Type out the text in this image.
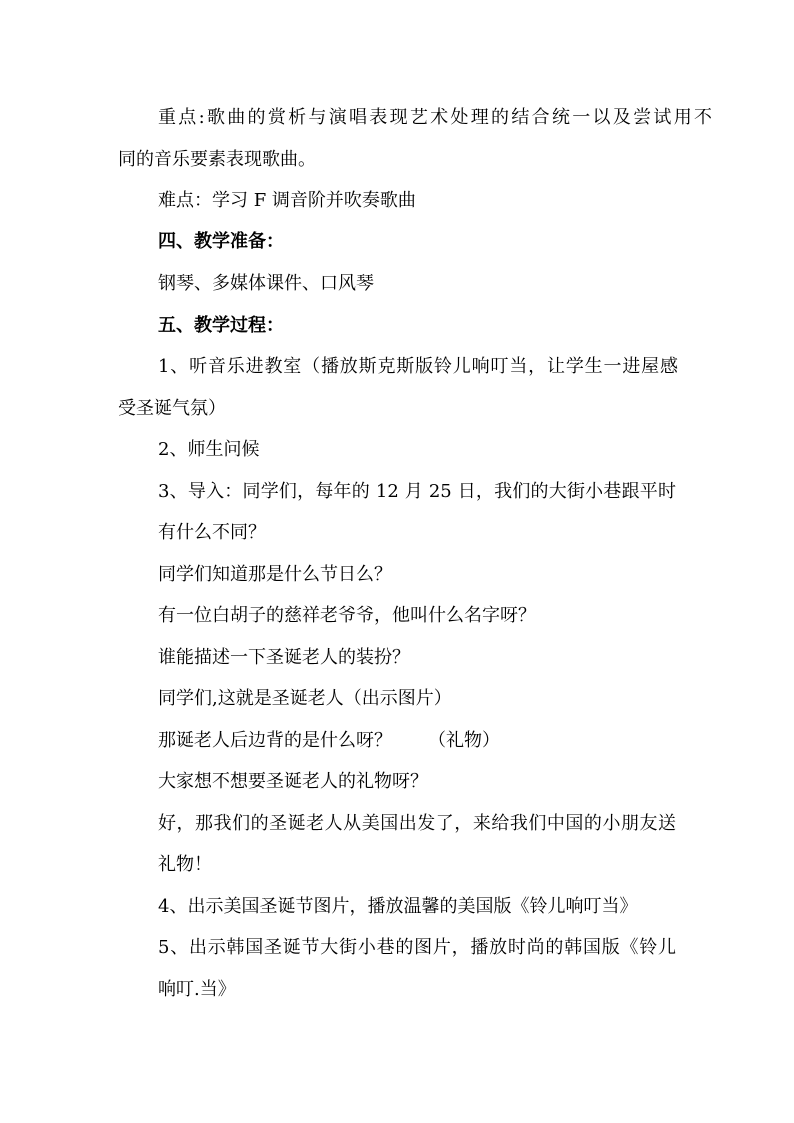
重点:歌曲的赏析与演唱表现艺术处理的结合统一以及尝试用不

同的音乐要素表现歌曲。

难点：学习 F 调音阶并吹奏歌曲

四、教学准备：

钢琴、多媒体课件、口风琴

五、教学过程：

1、听音乐进教室（播放斯克斯版铃儿响叮当，让学生一进屋感

受圣诞气氛）

2、师生问候

3、导入：同学们，每年的 12 月 25 日，我们的大街小巷跟平时

有什么不同？

同学们知道那是什么节日么？

有一位白胡子的慈祥老爷爷，他叫什么名字呀？

谁能描述一下圣诞老人的装扮？

同学们,这就是圣诞老人（出示图片）

那诞老人后边背的是什么呀？ （礼物）

大家想不想要圣诞老人的礼物呀？

好，那我们的圣诞老人从美国出发了，来给我们中国的小朋友送

礼物！

4、出示美国圣诞节图片，播放温馨的美国版《铃儿响叮当》

5、出示韩国圣诞节大街小巷的图片，播放时尚的韩国版《铃儿

响叮.当》
